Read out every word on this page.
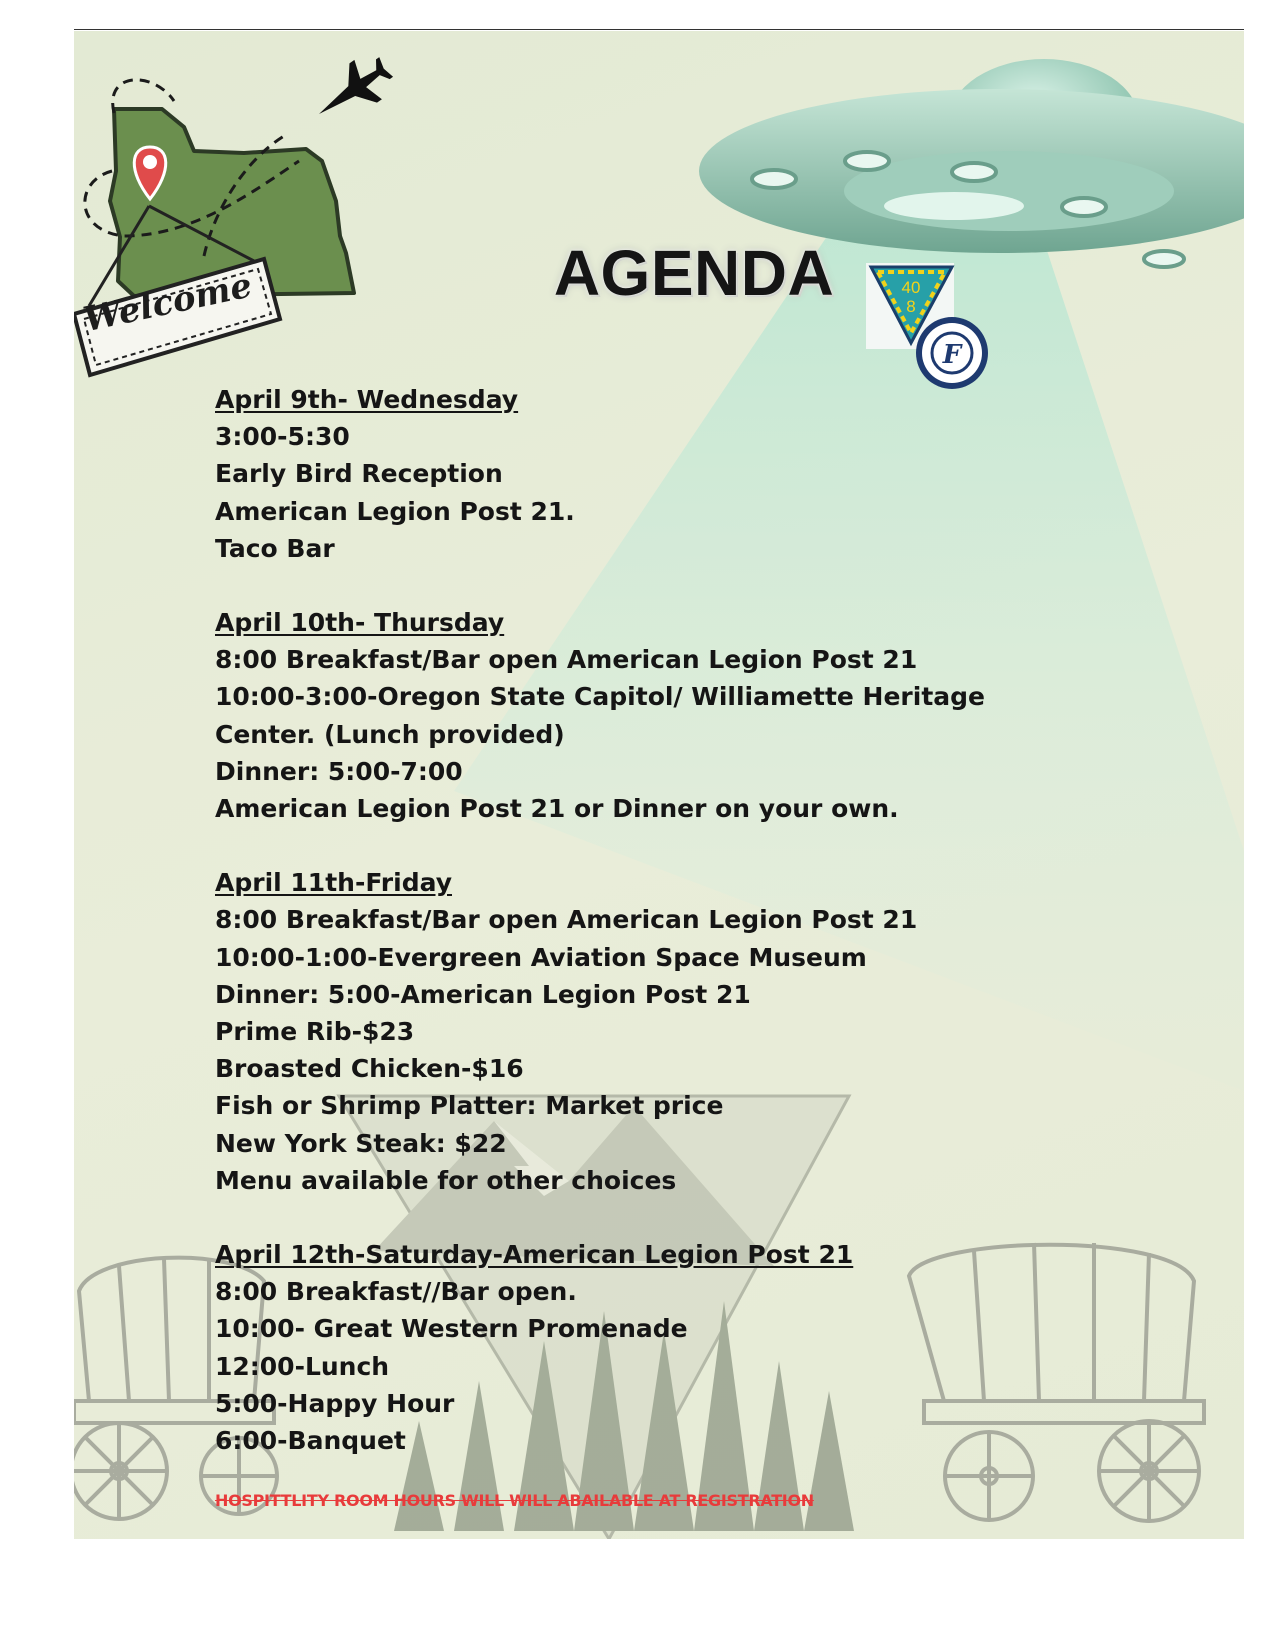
40
8
F
Welcome	AGENDA
April 9th- Wednesday
3:00-5:30
Early Bird Reception
American Legion Post 21.
Taco Bar
April 10th- Thursday
8:00 Breakfast/Bar open American Legion Post 21
10:00-3:00-Oregon State Capitol/ Williamette Heritage
Center. (Lunch provided)
Dinner: 5:00-7:00
American Legion Post 21 or Dinner on your own.
April 11th-Friday
8:00 Breakfast/Bar open American Legion Post 21
10:00-1:00-Evergreen Aviation Space Museum
Dinner: 5:00-American Legion Post 21
Prime Rib-$23
Broasted Chicken-$16
Fish or Shrimp Platter: Market price
New York Steak: $22
Menu available for other choices
April 12th-Saturday-American Legion Post 21
8:00 Breakfast//Bar open.
10:00- Great Western Promenade
12:00-Lunch
5:00-Happy Hour
6:00-Banquet
HOSPITTLITY ROOM HOURS WILL WILL ABAILABLE AT REGISTRATION
